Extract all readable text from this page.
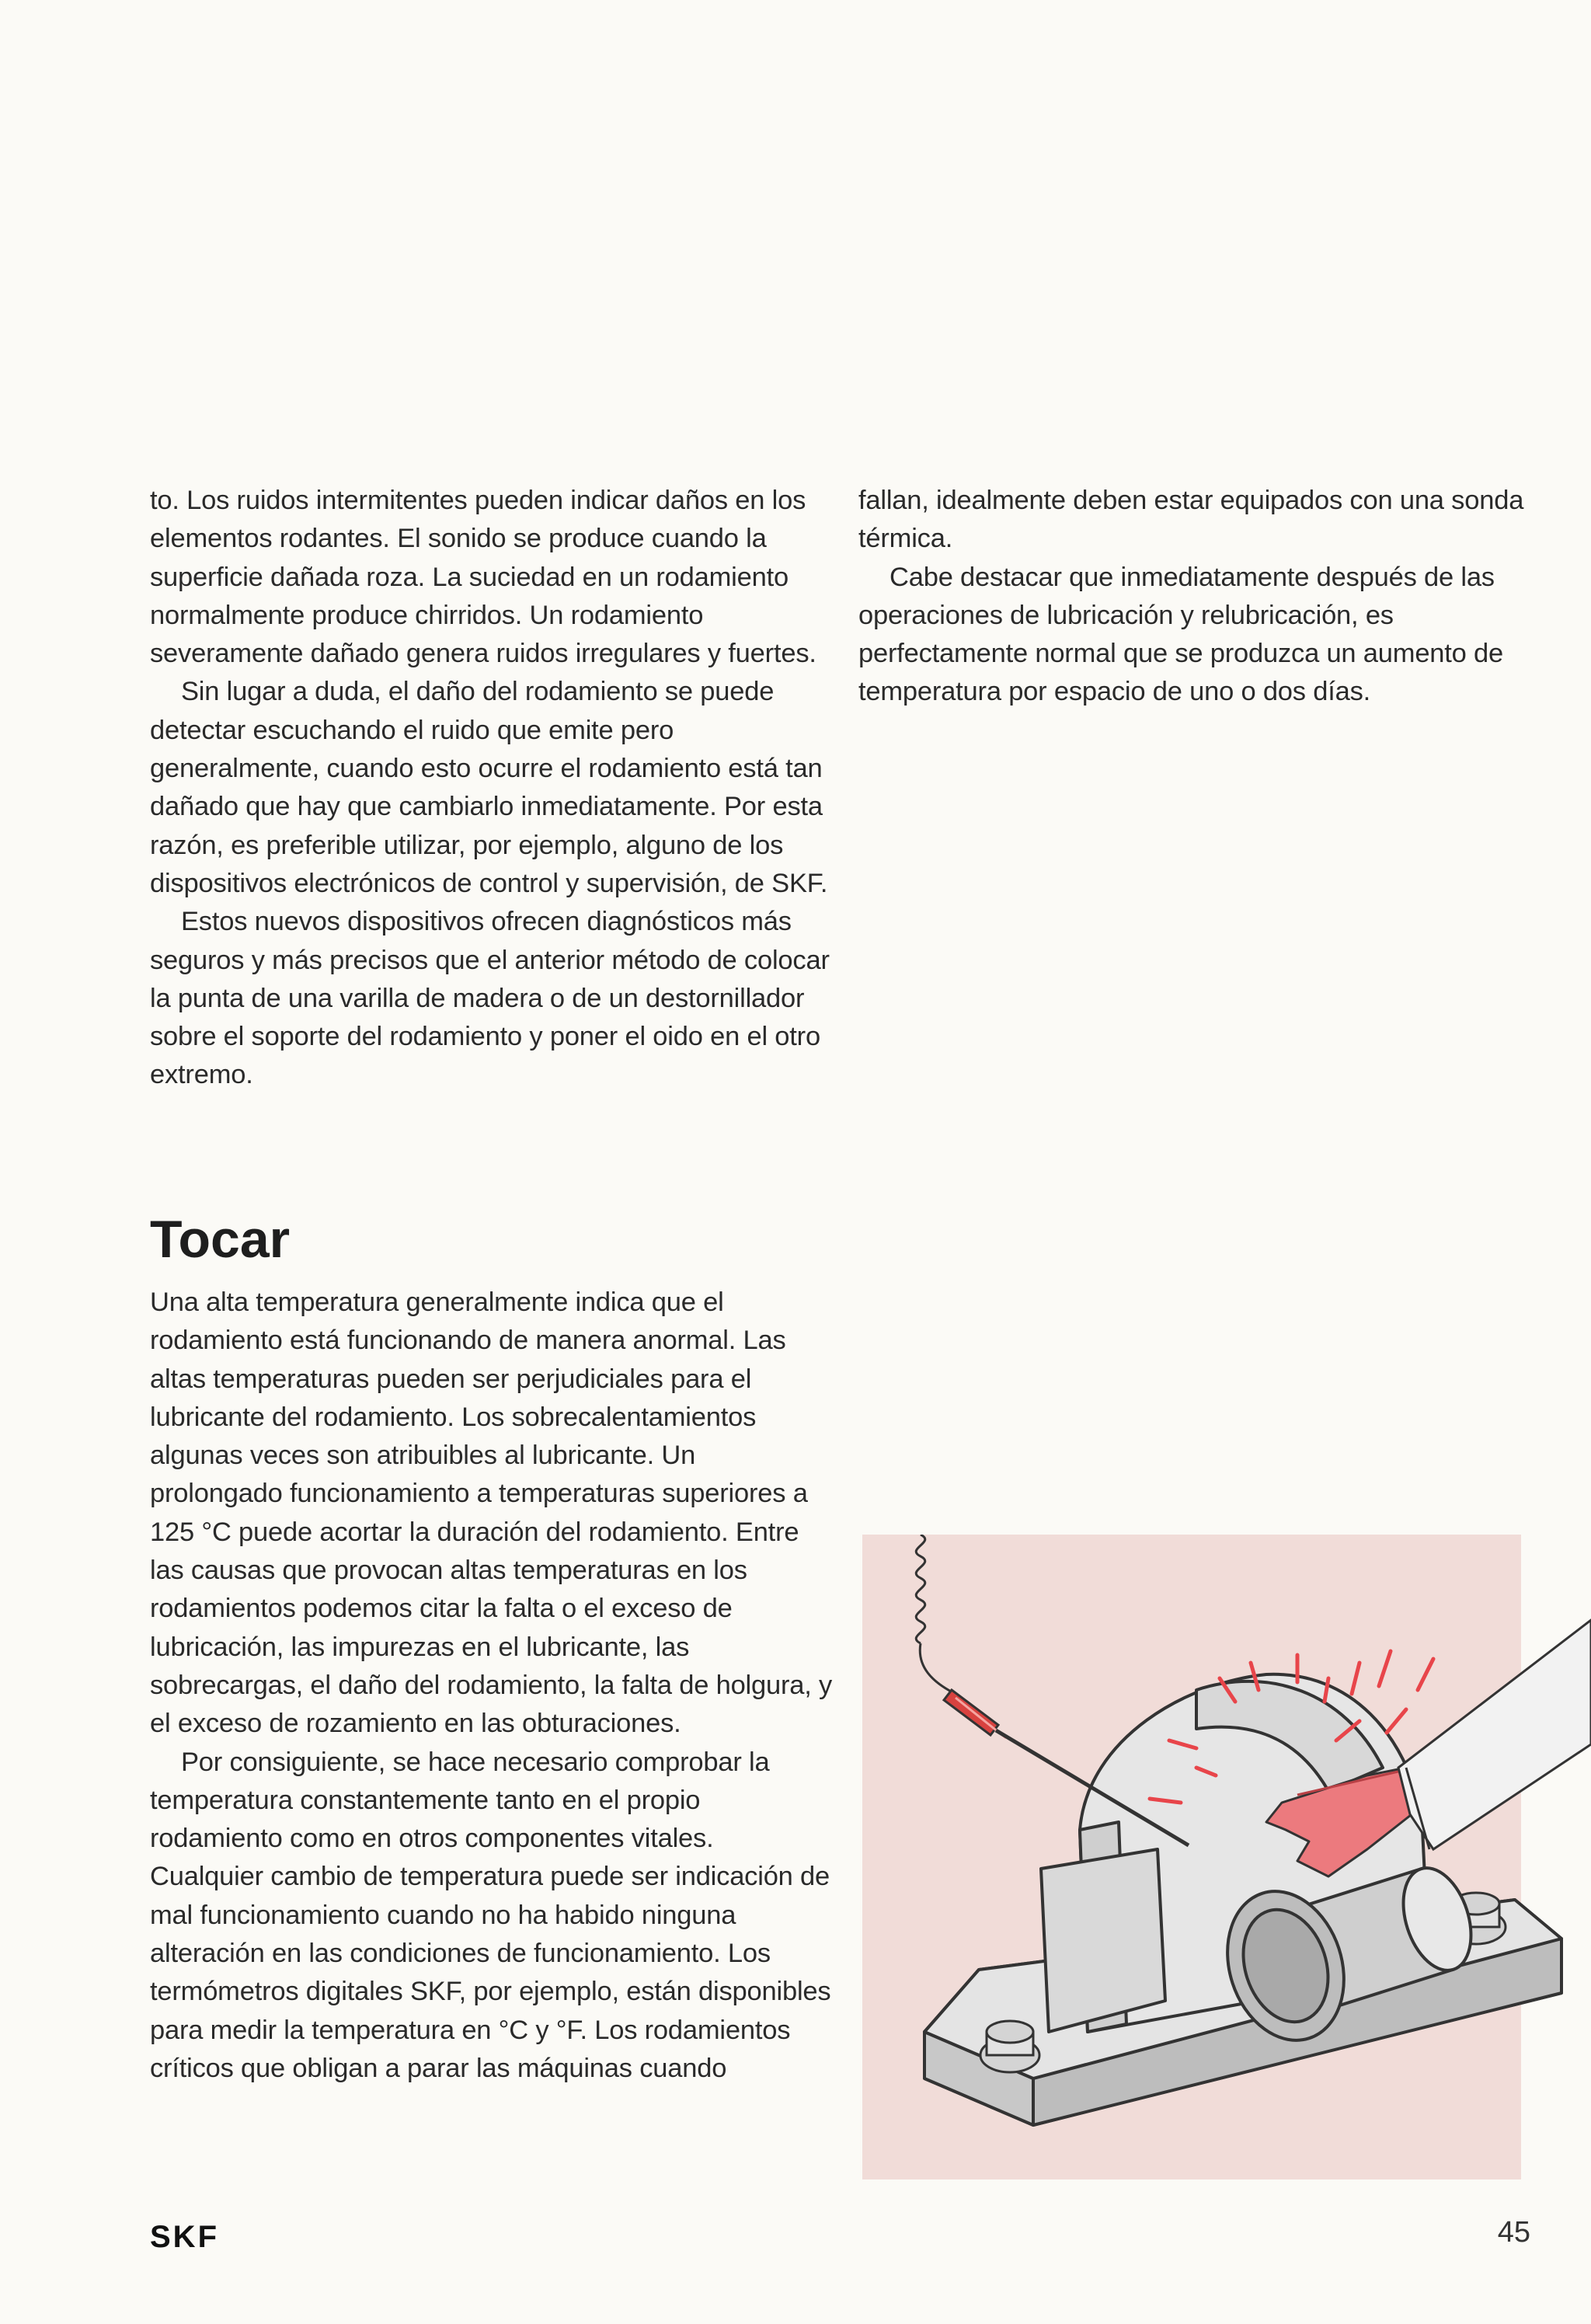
to. Los ruidos intermitentes pueden indicar daños en los elementos rodantes. El sonido se produce cuando la superficie dañada roza. La suciedad en un rodamiento normalmente produce chirridos. Un rodamiento severamente dañado genera ruidos irregulares y fuertes.

Sin lugar a duda, el daño del rodamiento se puede detectar escuchando el ruido que emite pero generalmente, cuando esto ocurre el rodamiento está tan dañado que hay que cambiarlo inmediatamente. Por esta razón, es preferible utilizar, por ejemplo, alguno de los dispositivos electrónicos de control y supervisión, de SKF.

Estos nuevos dispositivos ofrecen diagnósticos más seguros y más precisos que el anterior método de colocar la punta de una varilla de madera o de un destornillador sobre el soporte del rodamiento y poner el oido en el otro extremo.

Tocar

Una alta temperatura generalmente indica que el rodamiento está funcionando de manera anormal. Las altas temperaturas pueden ser perjudiciales para el lubricante del rodamiento. Los sobrecalentamientos algunas veces son atribuibles al lubricante. Un prolongado funcionamiento a temperaturas superiores a 125 °C puede acortar la duración del rodamiento. Entre las causas que provocan altas temperaturas en los rodamientos podemos citar la falta o el exceso de lubricación, las impurezas en el lubricante, las sobrecargas, el daño del rodamiento, la falta de holgura, y el exceso de rozamiento en las obturaciones.

Por consiguiente, se hace necesario comprobar la temperatura constantemente tanto en el propio rodamiento como en otros componentes vitales. Cualquier cambio de temperatura puede ser indicación de mal funcionamiento cuando no ha habido ninguna alteración en las condiciones de funcionamiento. Los termómetros digitales SKF, por ejemplo, están disponibles para medir la temperatura en °C y °F. Los rodamientos críticos que obligan a parar las máquinas cuando

fallan, idealmente deben estar equipados con una sonda térmica.

Cabe destacar que inmediatamente después de las operaciones de lubricación y relubricación, es perfectamente normal que se produzca un aumento de temperatura por espacio de uno o dos días.

SKF	45
